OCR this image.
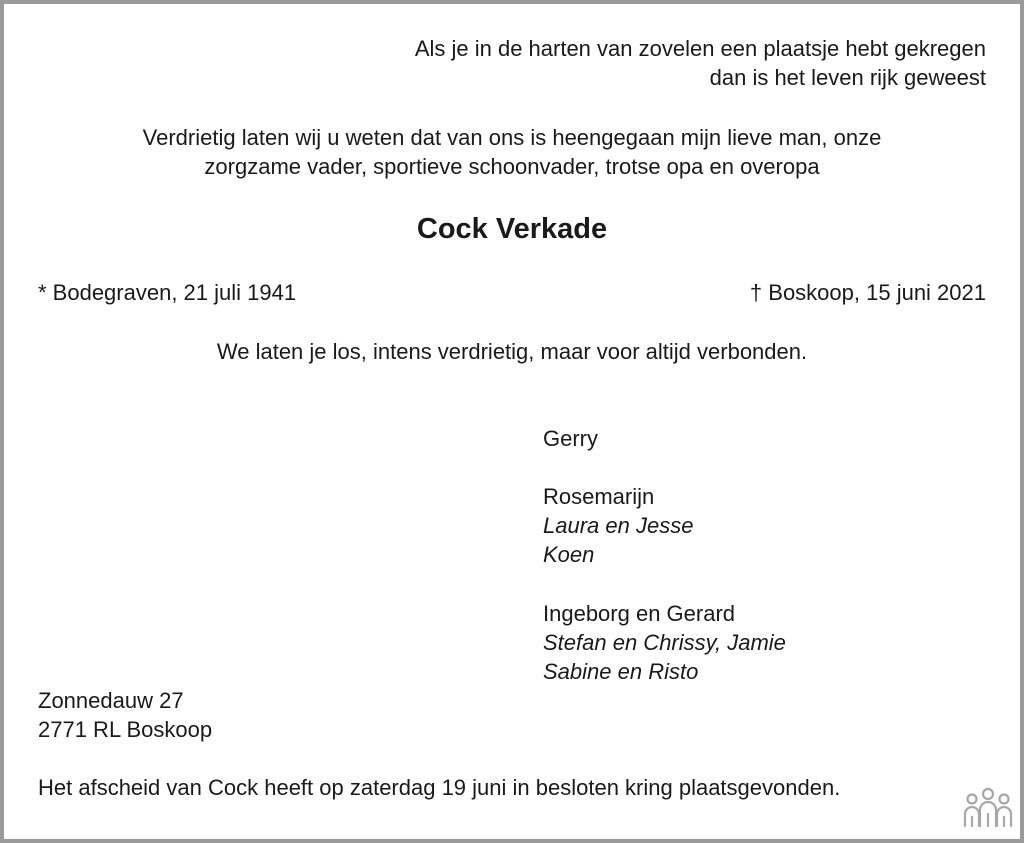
Als je in de harten van zovelen een plaatsje hebt gekregen
dan is het leven rijk geweest
Verdrietig laten wij u weten dat van ons is heengegaan mijn lieve man, onze
zorgzame vader, sportieve schoonvader, trotse opa en overopa
Cock Verkade
* Bodegraven, 21 juli 1941	† Boskoop, 15 juni 2021
We laten je los, intens verdrietig, maar voor altijd verbonden.
Gerry
Rosemarijn
Laura en Jesse
Koen
Ingeborg en Gerard
Stefan en Chrissy, Jamie
Sabine en Risto
Zonnedauw 27
2771 RL Boskoop
Het afscheid van Cock heeft op zaterdag 19 juni in besloten kring plaatsgevonden.
